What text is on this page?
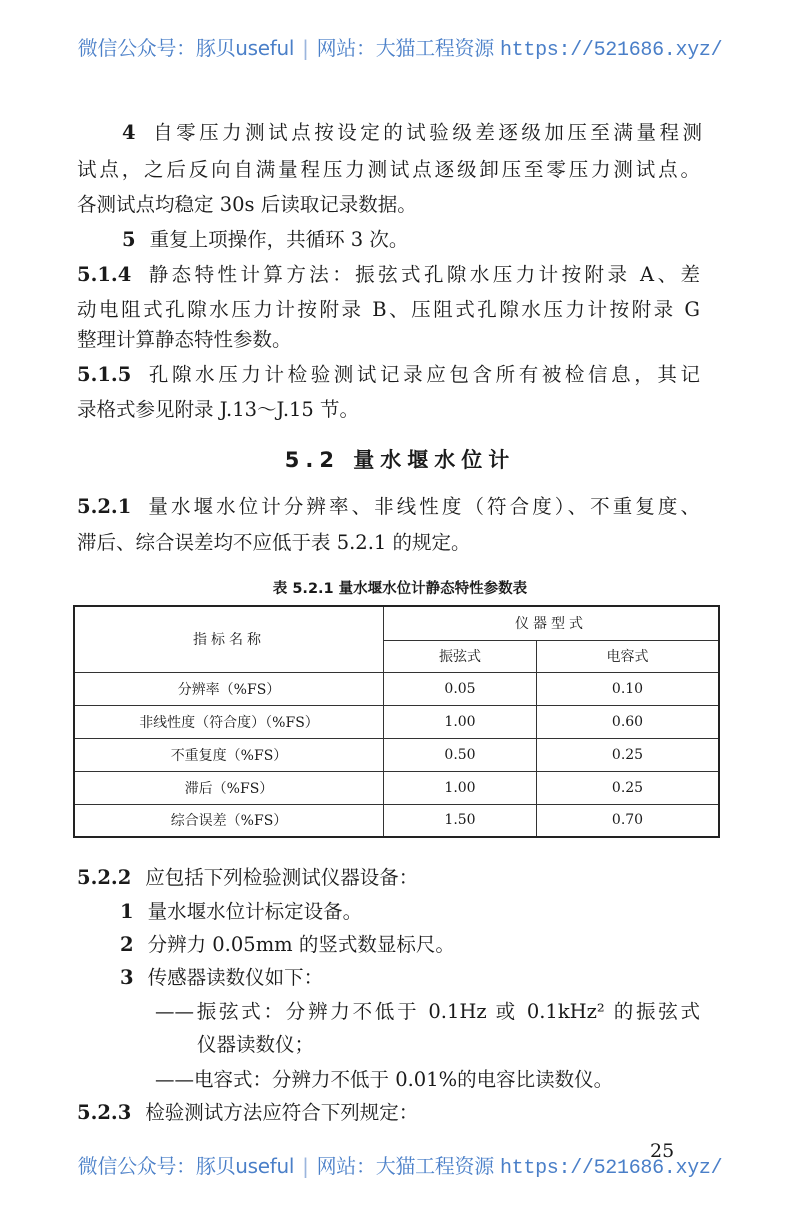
微信公众号：豚贝useful | 网站：大猫工程资源 https://521686.xyz/
4 自零压力测试点按设定的试验级差逐级加压至满量程测
试点，之后反向自满量程压力测试点逐级卸压至零压力测试点。
各测试点均稳定 30s 后读取记录数据。
5 重复上项操作，共循环 3 次。
5.1.4 静态特性计算方法：振弦式孔隙水压力计按附录 A、差
动电阻式孔隙水压力计按附录 B、压阻式孔隙水压力计按附录 G
整理计算静态特性参数。
5.1.5 孔隙水压力计检验测试记录应包含所有被检信息，其记
录格式参见附录 J.13～J.15 节。
5.2.1 量水堰水位计分辨率、非线性度（符合度）、不重复度、
滞后、综合误差均不应低于表 5.2.1 的规定。
5.2.2 应包括下列检验测试仪器设备：
1 量水堰水位计标定设备。
2 分辨力 0.05mm 的竖式数显标尺。
3 传感器读数仪如下：
——振弦式：分辨力不低于 0.1Hz 或 0.1kHz² 的振弦式
仪器读数仪；
——电容式：分辨力不低于 0.01%的电容比读数仪。
5.2.3 检验测试方法应符合下列规定：
5.2 量水堰水位计
表 5.2.1 量水堰水位计静态特性参数表
指标名称	仪器型式	
	振弦式	电容式
分辨率（%FS）	0.05	0.10
非线性度（符合度）（%FS）	1.00	0.60
不重复度（%FS）	0.50	0.25
滞后（%FS）	1.00	0.25
综合误差（%FS）	1.50	0.70
微信公众号：豚贝useful | 网站：大猫工程资源 https://521686.xyz/
25
